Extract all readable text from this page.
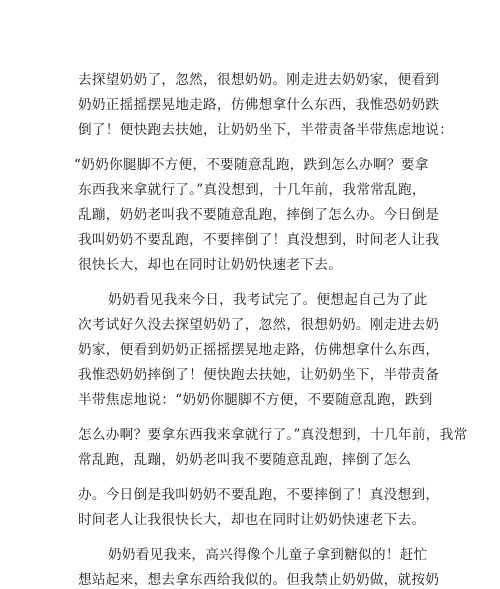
去探望奶奶了，忽然，很想奶奶。刚走进去奶奶家，便看到
奶奶正摇摇摆晃地走路，仿佛想拿什么东西，我惟恐奶奶跌
倒了！便快跑去扶她，让奶奶坐下，半带责备半带焦虑地说：
“奶奶你腿脚不方便，不要随意乱跑，跌到怎么办啊？要拿
东西我来拿就行了。”真没想到，十几年前，我常常乱跑，
乱蹦，奶奶老叫我不要随意乱跑，摔倒了怎么办。今日倒是
我叫奶奶不要乱跑，不要摔倒了！真没想到，时间老人让我
很快长大，却也在同时让奶奶快速老下去。
奶奶看见我来今日，我考试完了。便想起自己为了此
次考试好久没去探望奶奶了，忽然，很想奶奶。刚走进去奶
奶家，便看到奶奶正摇摇摆晃地走路，仿佛想拿什么东西，
我惟恐奶奶摔倒了！便快跑去扶她，让奶奶坐下，半带责备
半带焦虑地说：“奶奶你腿脚不方便，不要随意乱跑，跌到
怎么办啊？要拿东西我来拿就行了。”真没想到，十几年前，我常
常乱跑，乱蹦，奶奶老叫我不要随意乱跑，摔倒了怎么
办。今日倒是我叫奶奶不要乱跑，不要摔倒了！真没想到，
时间老人让我很快长大，却也在同时让奶奶快速老下去。
奶奶看见我来，高兴得像个儿童子拿到糖似的！赶忙
想站起来，想去拿东西给我似的。但我禁止奶奶做，就按奶
